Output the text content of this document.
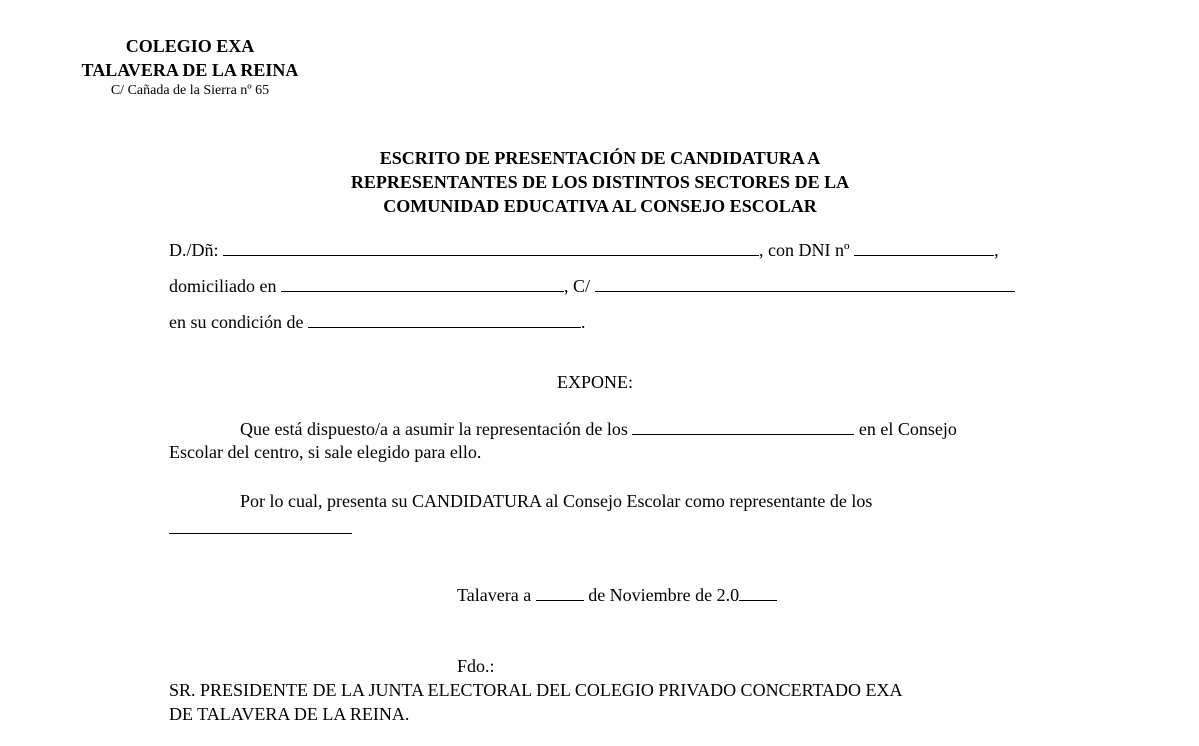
COLEGIO EXA
TALAVERA DE LA REINA
C/ Cañada de la Sierra nº 65
ESCRITO DE PRESENTACIÓN DE CANDIDATURA A
REPRESENTANTES DE LOS DISTINTOS SECTORES DE LA
COMUNIDAD EDUCATIVA AL CONSEJO ESCOLAR
D./Dñ:	, con DNI nº	,
domiciliado en	, C/
en su condición de	.
EXPONE:
Que está dispuesto/a a asumir la representación de los	en el Consejo
Escolar del centro, si sale elegido para ello.
Por lo cual, presenta su CANDIDATURA al Consejo Escolar como representante de los
Talavera a	de Noviembre de 2.0
Fdo.:
SR. PRESIDENTE DE LA JUNTA ELECTORAL DEL COLEGIO PRIVADO CONCERTADO EXA
DE TALAVERA DE LA REINA.
